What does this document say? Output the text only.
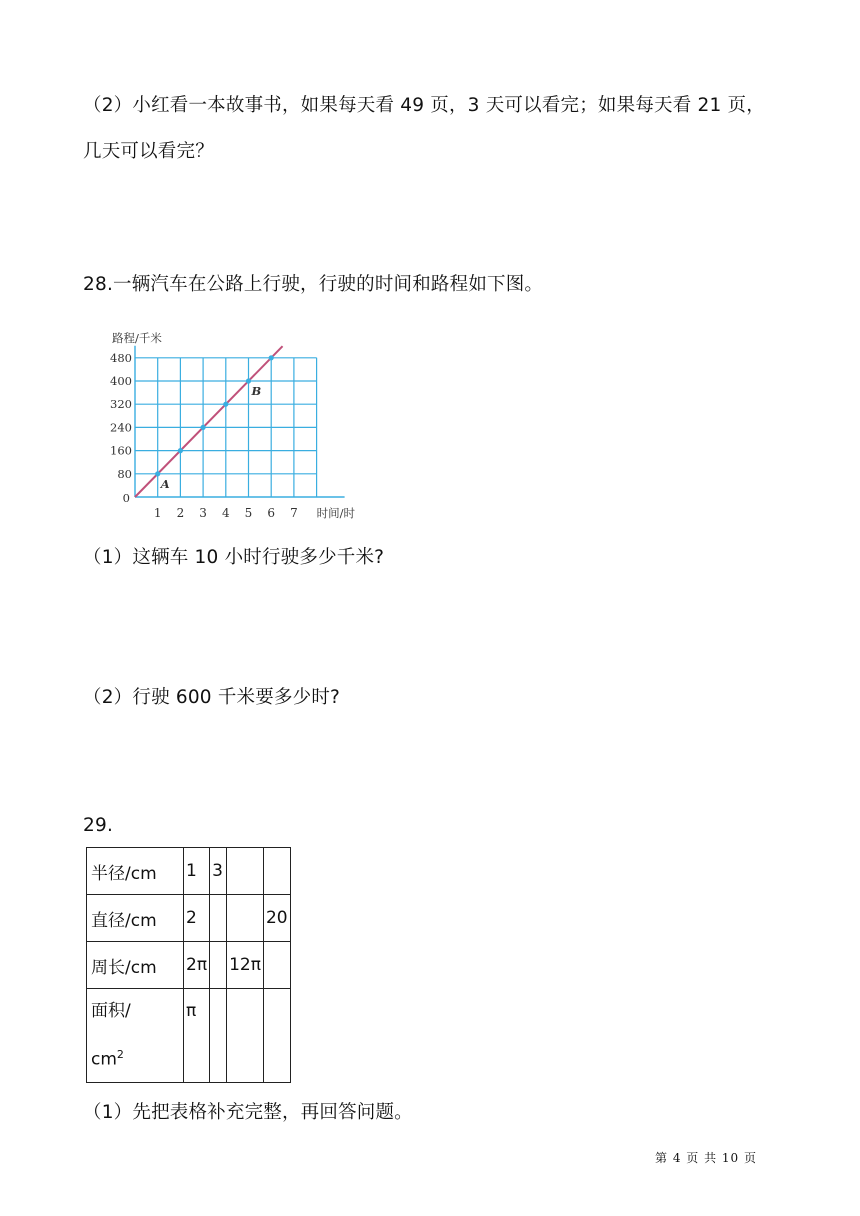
（2）小红看一本故事书，如果每天看 49 页，3 天可以看完；如果每天看 21 页，
几天可以看完？
28.一辆汽车在公路上行驶，行驶的时间和路程如下图。
1 2 3 4 5 6 7
80
160
240
320
400
480
0
路程/千米
时间/时
A
B
（1）这辆车 10 小时行驶多少千米?
（2）行驶 600 千米要多少时?
29.
半径/cm	1	3		
直径/cm	2			20
周长/cm	2π		12π	

面积/
$cm^2$	π			

（1）先把表格补充完整，再回答问题。
第 4 页 共 10 页
